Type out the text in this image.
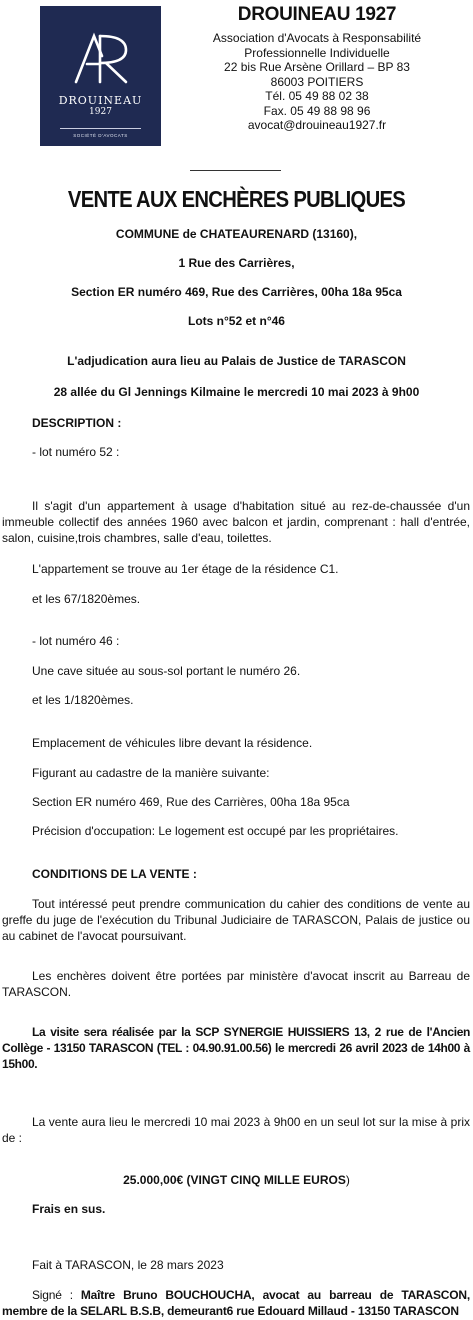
DROUINEAU
1927
SOCIÉTÉ D'AVOCATS
DROUINEAU 1927
Association d'Avocats à Responsabilité
Professionnelle Individuelle
22 bis Rue Arsène Orillard – BP 83
86003 POITIERS
Tél. 05 49 88 02 38
Fax. 05 49 88 98 96
avocat@drouineau1927.fr
VENTE AUX ENCHÈRES PUBLIQUES
COMMUNE de CHATEAURENARD (13160),
1 Rue des Carrières,
Section ER numéro 469, Rue des Carrières, 00ha 18a 95ca
Lots n°52 et n°46
L'adjudication aura lieu au Palais de Justice de TARASCON
28 allée du Gl Jennings Kilmaine le mercredi 10 mai 2023 à 9h00
DESCRIPTION :
- lot numéro 52 :
Il s'agit d'un appartement à usage d'habitation situé au rez-de-chaussée d'un immeuble collectif des années 1960 avec balcon et jardin, comprenant : hall d'entrée, salon, cuisine,trois chambres, salle d'eau, toilettes.
L'appartement se trouve au 1er étage de la résidence C1.
et les 67/1820èmes.
- lot numéro 46 :
Une cave située au sous-sol portant le numéro 26.
et les 1/1820èmes.
Emplacement de véhicules libre devant la résidence.
Figurant au cadastre de la manière suivante:
Section ER numéro 469, Rue des Carrières, 00ha 18a 95ca
Précision d'occupation: Le logement est occupé par les propriétaires.
CONDITIONS DE LA VENTE :
Tout intéressé peut prendre communication du cahier des conditions de vente au greffe du juge de l'exécution du Tribunal Judiciaire de TARASCON, Palais de justice ou au cabinet de l'avocat poursuivant.
Les enchères doivent être portées par ministère d'avocat inscrit au Barreau de TARASCON.
La visite sera réalisée par la SCP SYNERGIE HUISSIERS 13, 2 rue de l'Ancien Collège - 13150 TARASCON (TEL : 04.90.91.00.56) le mercredi 26 avril 2023 de 14h00 à 15h00.
La vente aura lieu le mercredi 10 mai 2023 à 9h00 en un seul lot sur la mise à prix de :
25.000,00€ (VINGT CINQ MILLE EUROS)
Frais en sus.
Fait à TARASCON, le 28 mars 2023
Signé : Maître Bruno BOUCHOUCHA, avocat au barreau de TARASCON, membre de la SELARL B.S.B, demeurant6 rue Edouard Millaud - 13150 TARASCON
